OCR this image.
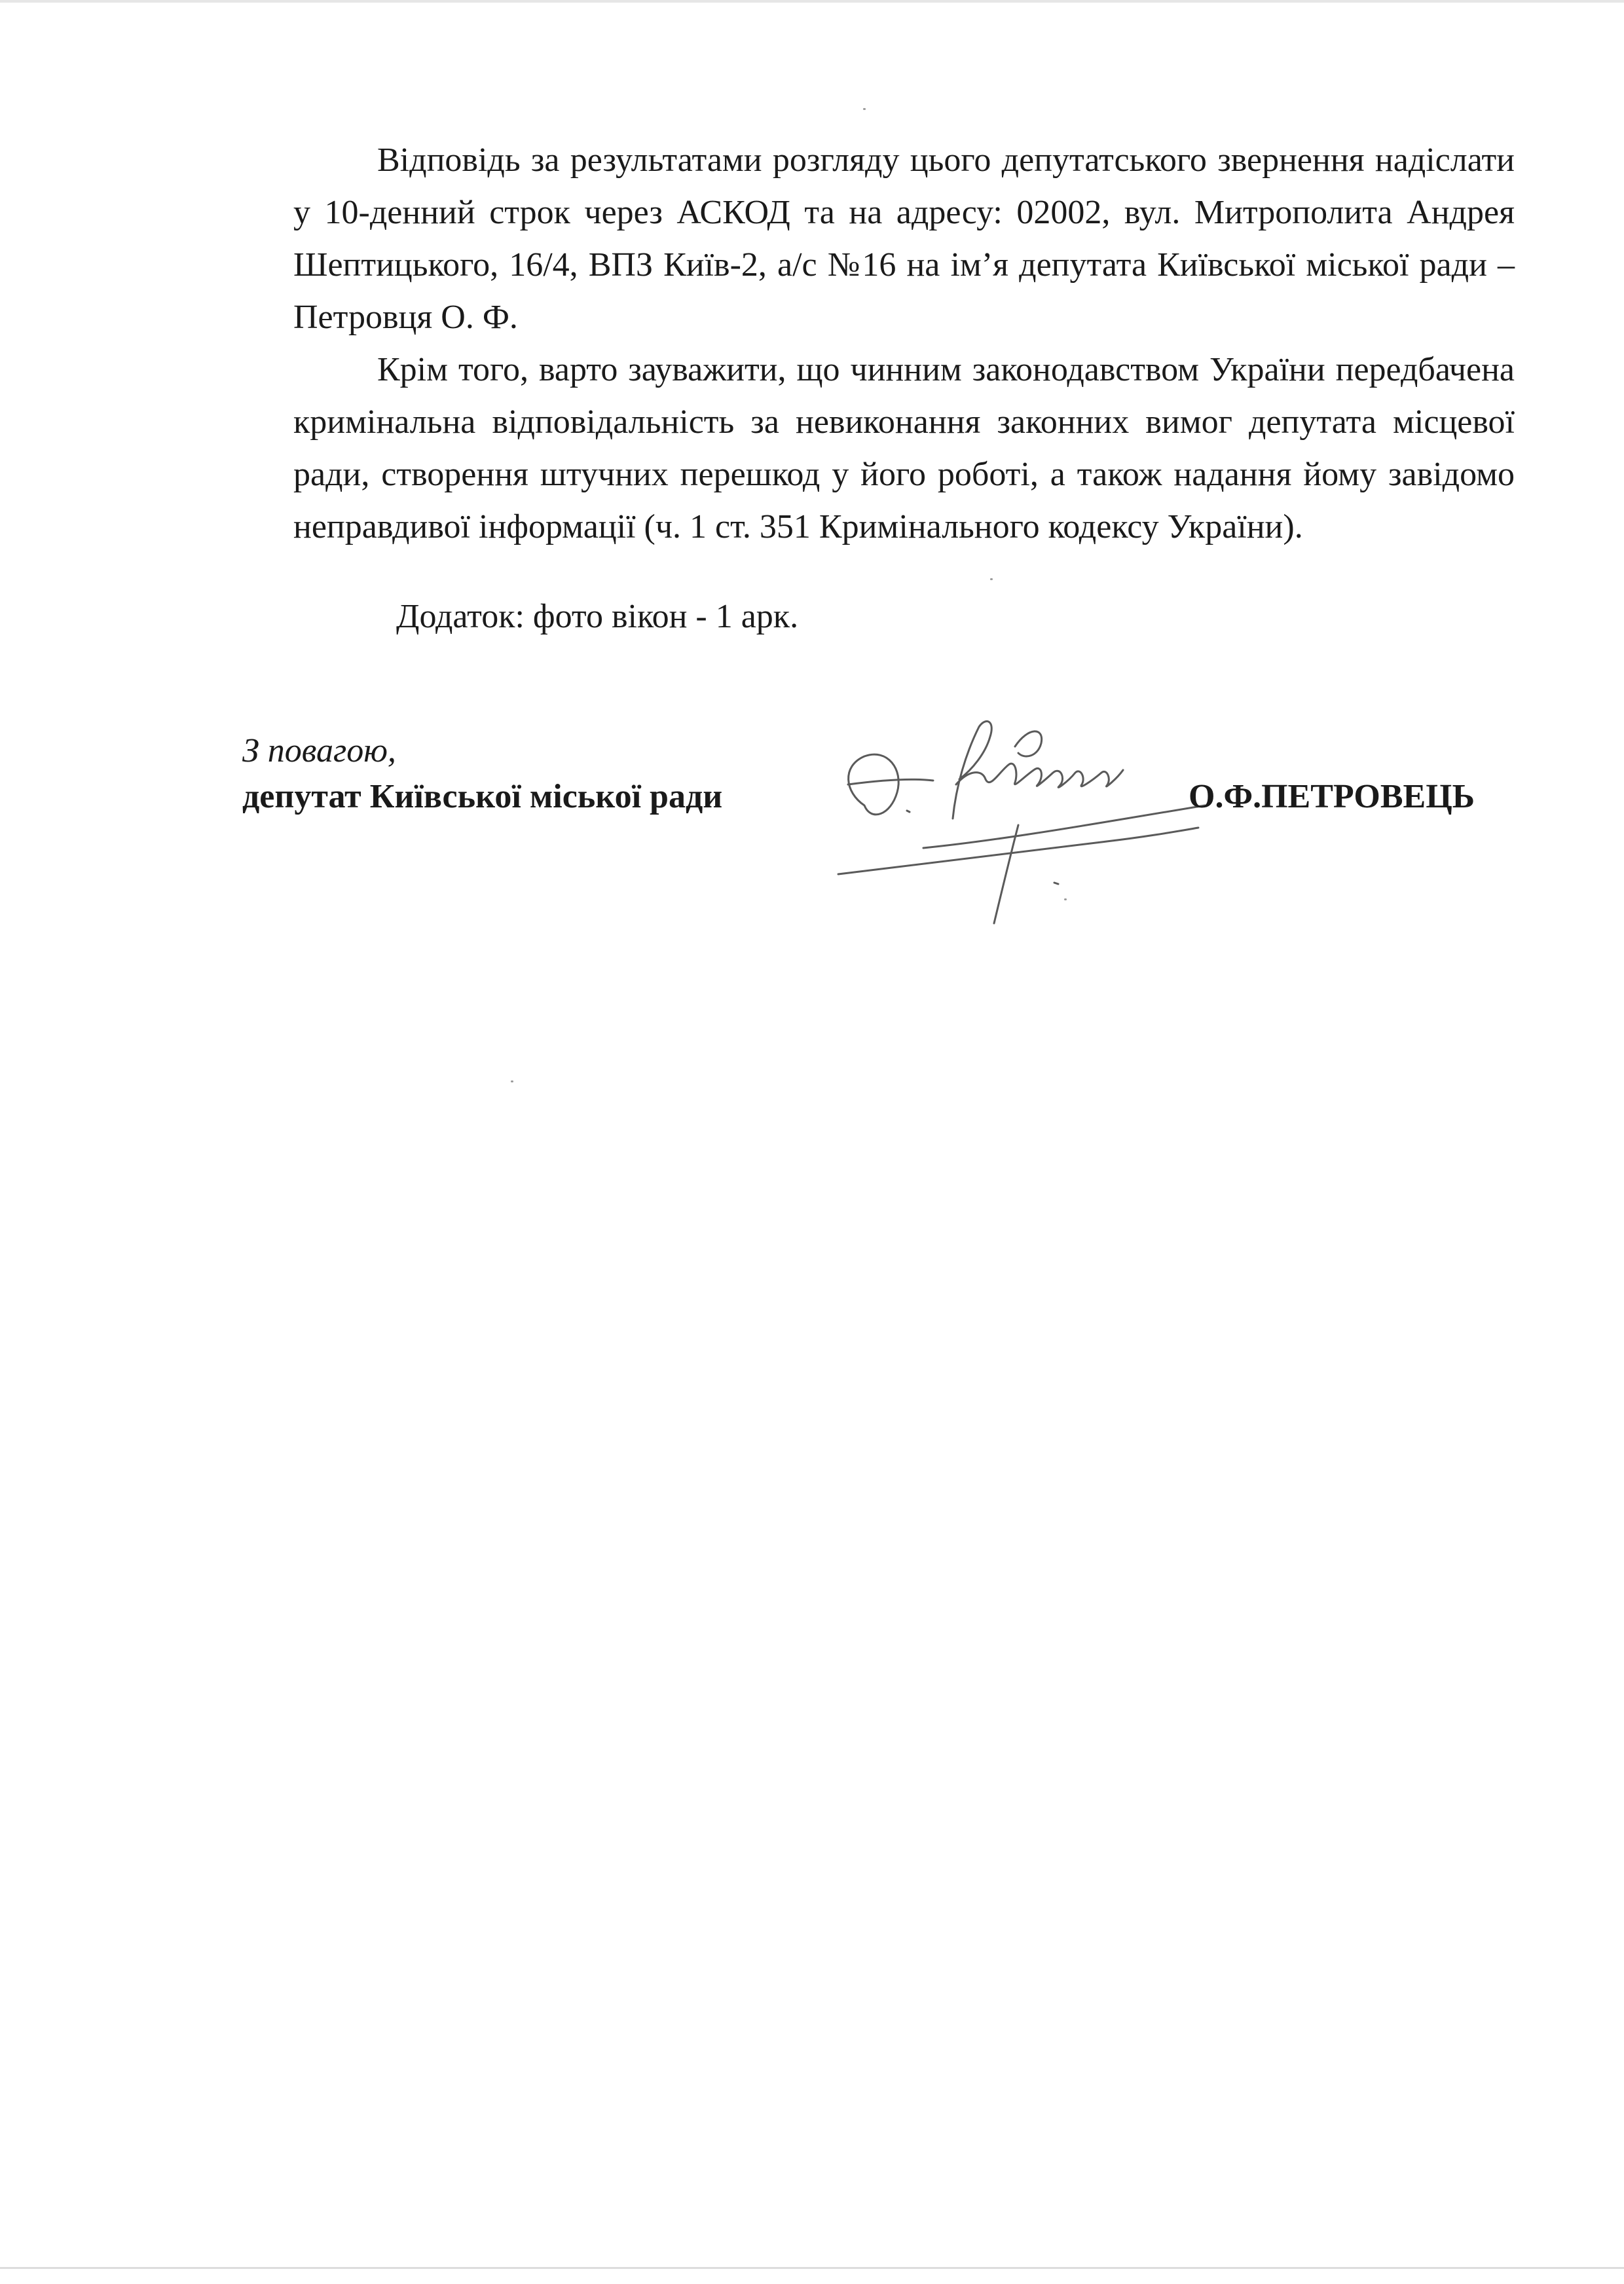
Відповідь за результатами розгляду цього депутатського звернення надіслати у 10-денний строк через АСКОД та на адресу: 02002, вул. Митрополита Андрея Шептицького, 16/4, ВПЗ Київ-2, а/с №16 на ім’я депутата Київської міської ради – Петровця О. Ф.

Крім того, варто зауважити, що чинним законодавством України передбачена кримінальна відповідальність за невиконання законних вимог депутата місцевої ради, створення штучних перешкод у його роботі, а також надання йому завідомо неправдивої інформації (ч. 1 ст. 351 Кримінального кодексу України).

Додаток: фото вікон - 1 арк.
З повагою,
депутат Київської міської ради	О.Ф.ПЕТРОВЕЦЬ
